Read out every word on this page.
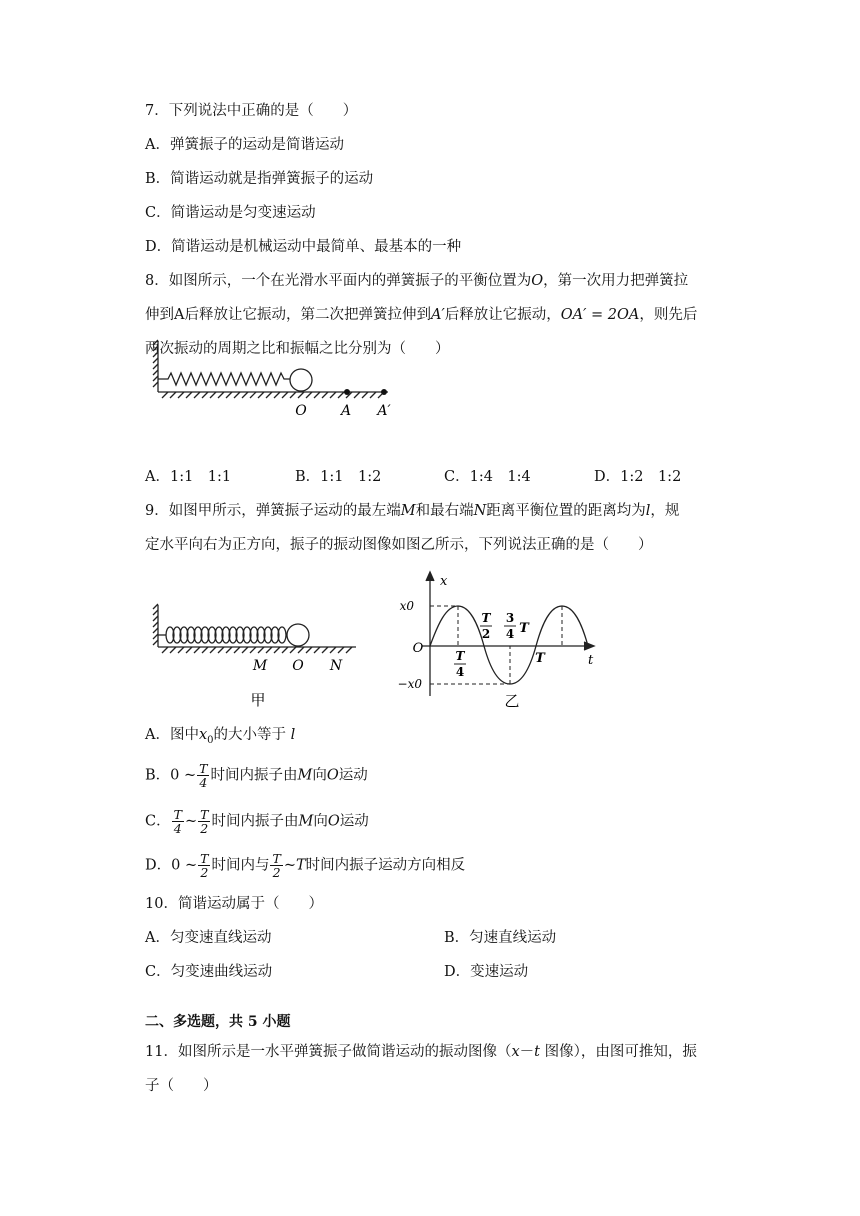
7．下列说法中正确的是（　　）
A．弹簧振子的运动是简谐运动
B．简谐运动就是指弹簧振子的运动
C．简谐运动是匀变速运动
D．简谐运动是机械运动中最简单、最基本的一种
8．如图所示，一个在光滑水平面内的弹簧振子的平衡位置为O，第一次用力把弹簧拉
伸到A后释放让它振动，第二次把弹簧拉伸到A′后释放让它振动，OA′ = 2OA，则先后
两次振动的周期之比和振幅之比分别为（　　）
O A A′
A．1:1　1:1	B．1:1　1:2	C．1:4　1:4	D．1:2　1:2
9．如图甲所示，弹簧振子运动的最左端M和最右端N距离平衡位置的距离均为l，规
定水平向右为正方向，振子的振动图像如图乙所示，下列说法正确的是（　　）
M O N
甲
x
t
x0
−x0
O
T
2
3
4 T
T
4
T
乙
A．图中$x_0$的大小等于 l
B．0 ~ $\frac{T}{4}$ 时间内振子由M向O运动
C． $\frac{T}{4}$ ~ $\frac{T}{2}$ 时间内振子由M向O运动
D．0 ~ $\frac{T}{2}$ 时间内与 $\frac{T}{2}$ ~T时间内振子运动方向相反
10．简谐运动属于（　　）
A．匀变速直线运动	B．匀速直线运动
C．匀变速曲线运动	D．变速运动
二、多选题，共 5 小题
11．如图所示是一水平弹簧振子做简谐运动的振动图像（x－t 图像），由图可推知，振
子（　　）
